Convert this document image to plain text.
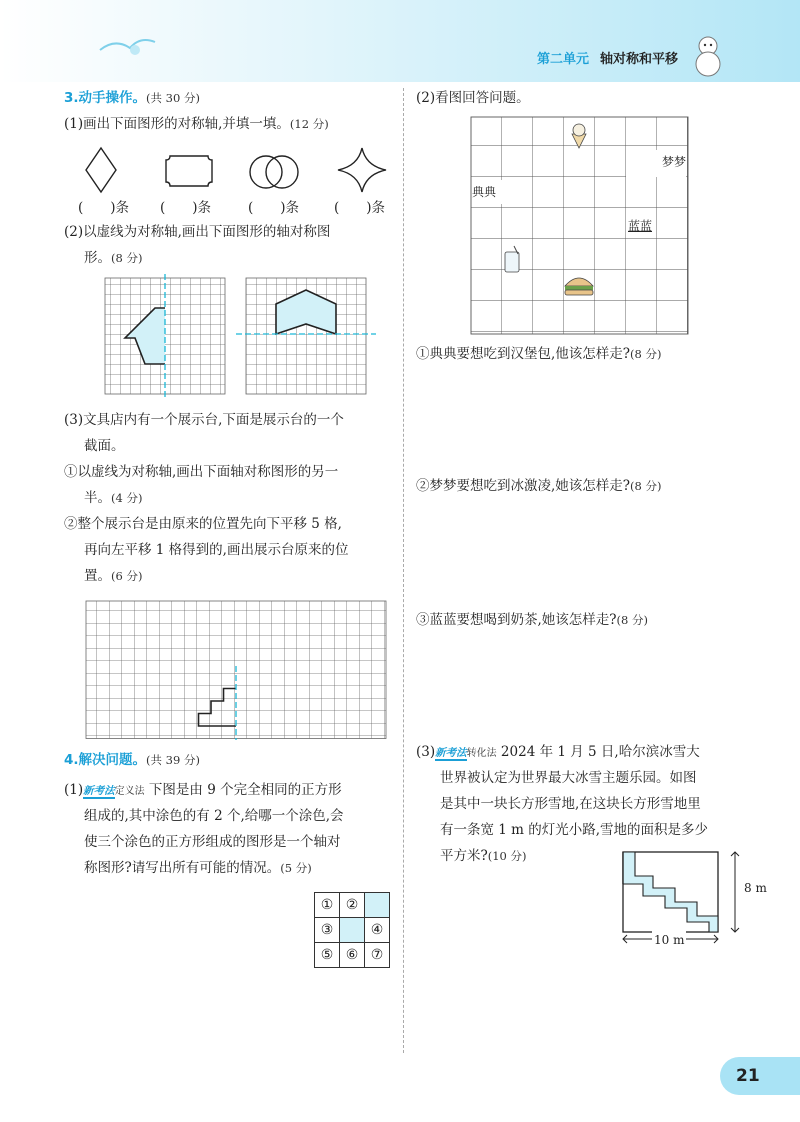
第二单元 轴对称和平移
3.动手操作。(共 30 分)
(1)画出下面图形的对称轴,并填一填。(12 分)
(　　)条 (　　)条	(　　)条	(　　)条
(2)以虚线为对称轴,画出下面图形的轴对称图
形。(8 分)
(3)文具店内有一个展示台,下面是展示台的一个
截面。
①以虚线为对称轴,画出下面轴对称图形的另一
半。(4 分)
②整个展示台是由原来的位置先向下平移 5 格,
再向左平移 1 格得到的,画出展示台原来的位
置。(6 分)
4.解决问题。(共 39 分)
(1)新考法定义法 下图是由 9 个完全相同的正方形
组成的,其中涂色的有 2 个,给哪一个涂色,会
使三个涂色的正方形组成的图形是一个轴对
称图形?请写出所有可能的情况。(5 分)
①	②	
③		④
⑤	⑥	⑦
(2)看图回答问题。
典典
梦梦
蓝蓝
①典典要想吃到汉堡包,他该怎样走?(8 分)
②梦梦要想吃到冰激凌,她该怎样走?(8 分)
③蓝蓝要想喝到奶茶,她该怎样走?(8 分)
(3)新考法转化法 2024 年 1 月 5 日,哈尔滨冰雪大
世界被认定为世界最大冰雪主题乐园。如图
是其中一块长方形雪地,在这块长方形雪地里
有一条宽 1 m 的灯光小路,雪地的面积是多少
平方米?(10 分)
8 m
10 m
21
